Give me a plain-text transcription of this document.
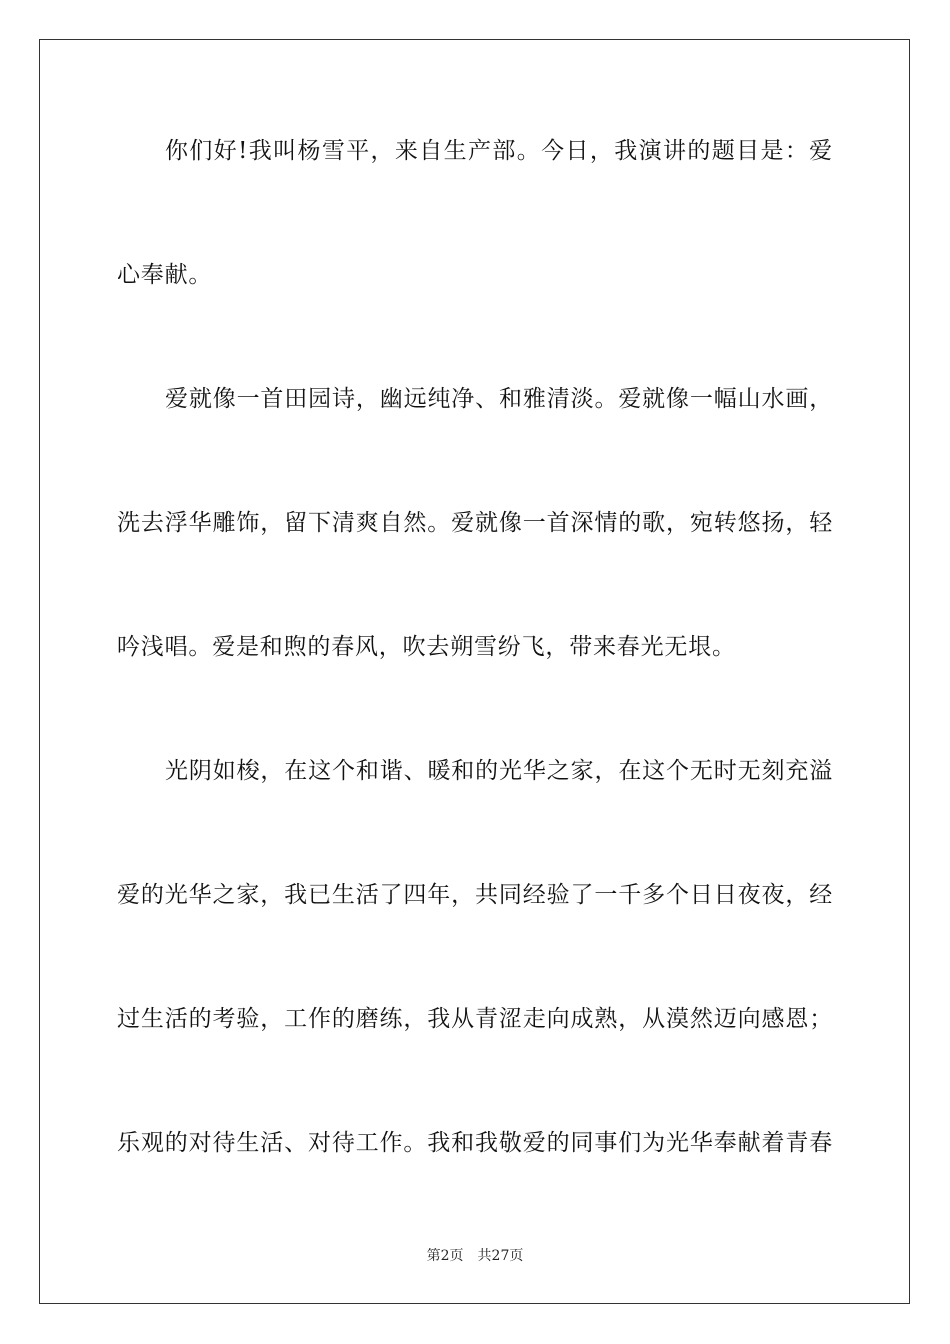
你们好!我叫杨雪平，来自生产部。今日，我演讲的题目是：爱
心奉献。
爱就像一首田园诗，幽远纯净、和雅清淡。爱就像一幅山水画，
洗去浮华雕饰，留下清爽自然。爱就像一首深情的歌，宛转悠扬，轻
吟浅唱。爱是和煦的春风，吹去朔雪纷飞，带来春光无垠。
光阴如梭，在这个和谐、暖和的光华之家，在这个无时无刻充溢
爱的光华之家，我已生活了四年，共同经验了一千多个日日夜夜，经
过生活的考验，工作的磨练，我从青涩走向成熟，从漠然迈向感恩；
乐观的对待生活、对待工作。我和我敬爱的同事们为光华奉献着青春
第2页 共27页
